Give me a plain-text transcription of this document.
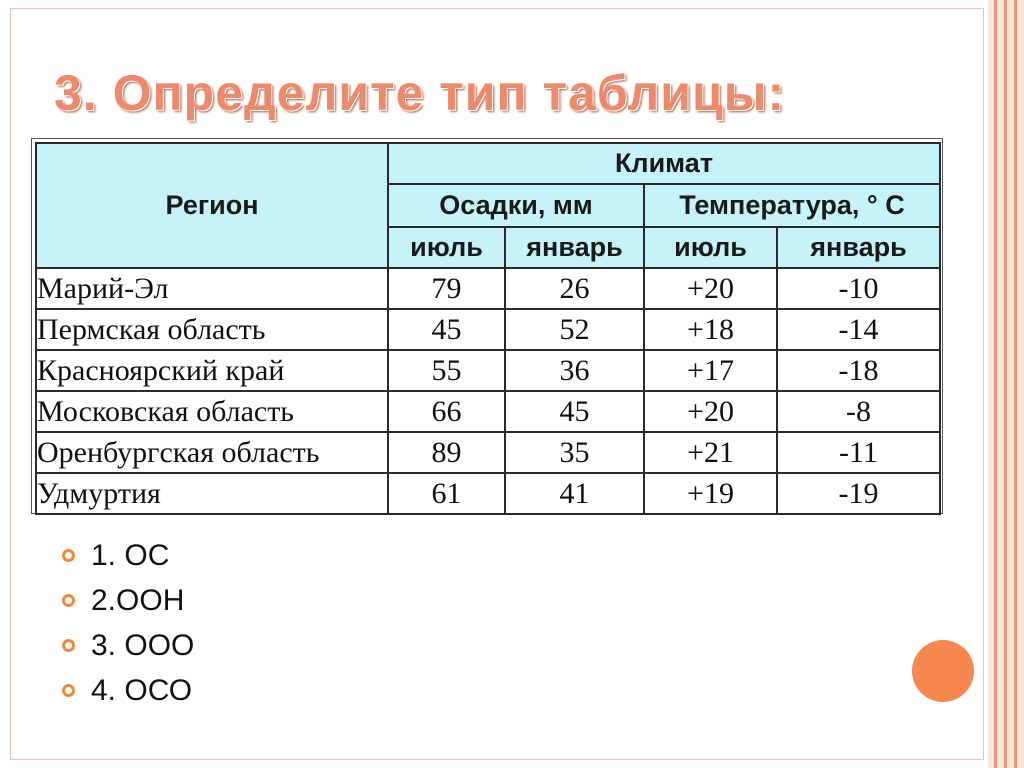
3. Определите тип таблицы:
Регион	Климат			
	Осадки, мм		Температура, ° С	
	июль	январь	июль	январь
Марий-Эл	79	26	+20	-10
Пермская область	45	52	+18	-14
Красноярский край	55	36	+17	-18
Московская область	66	45	+20	-8
Оренбургская область	89	35	+21	-11
Удмуртия	61	41	+19	-19
1. ОС
2.ООН
3. ООО
4. ОСО
